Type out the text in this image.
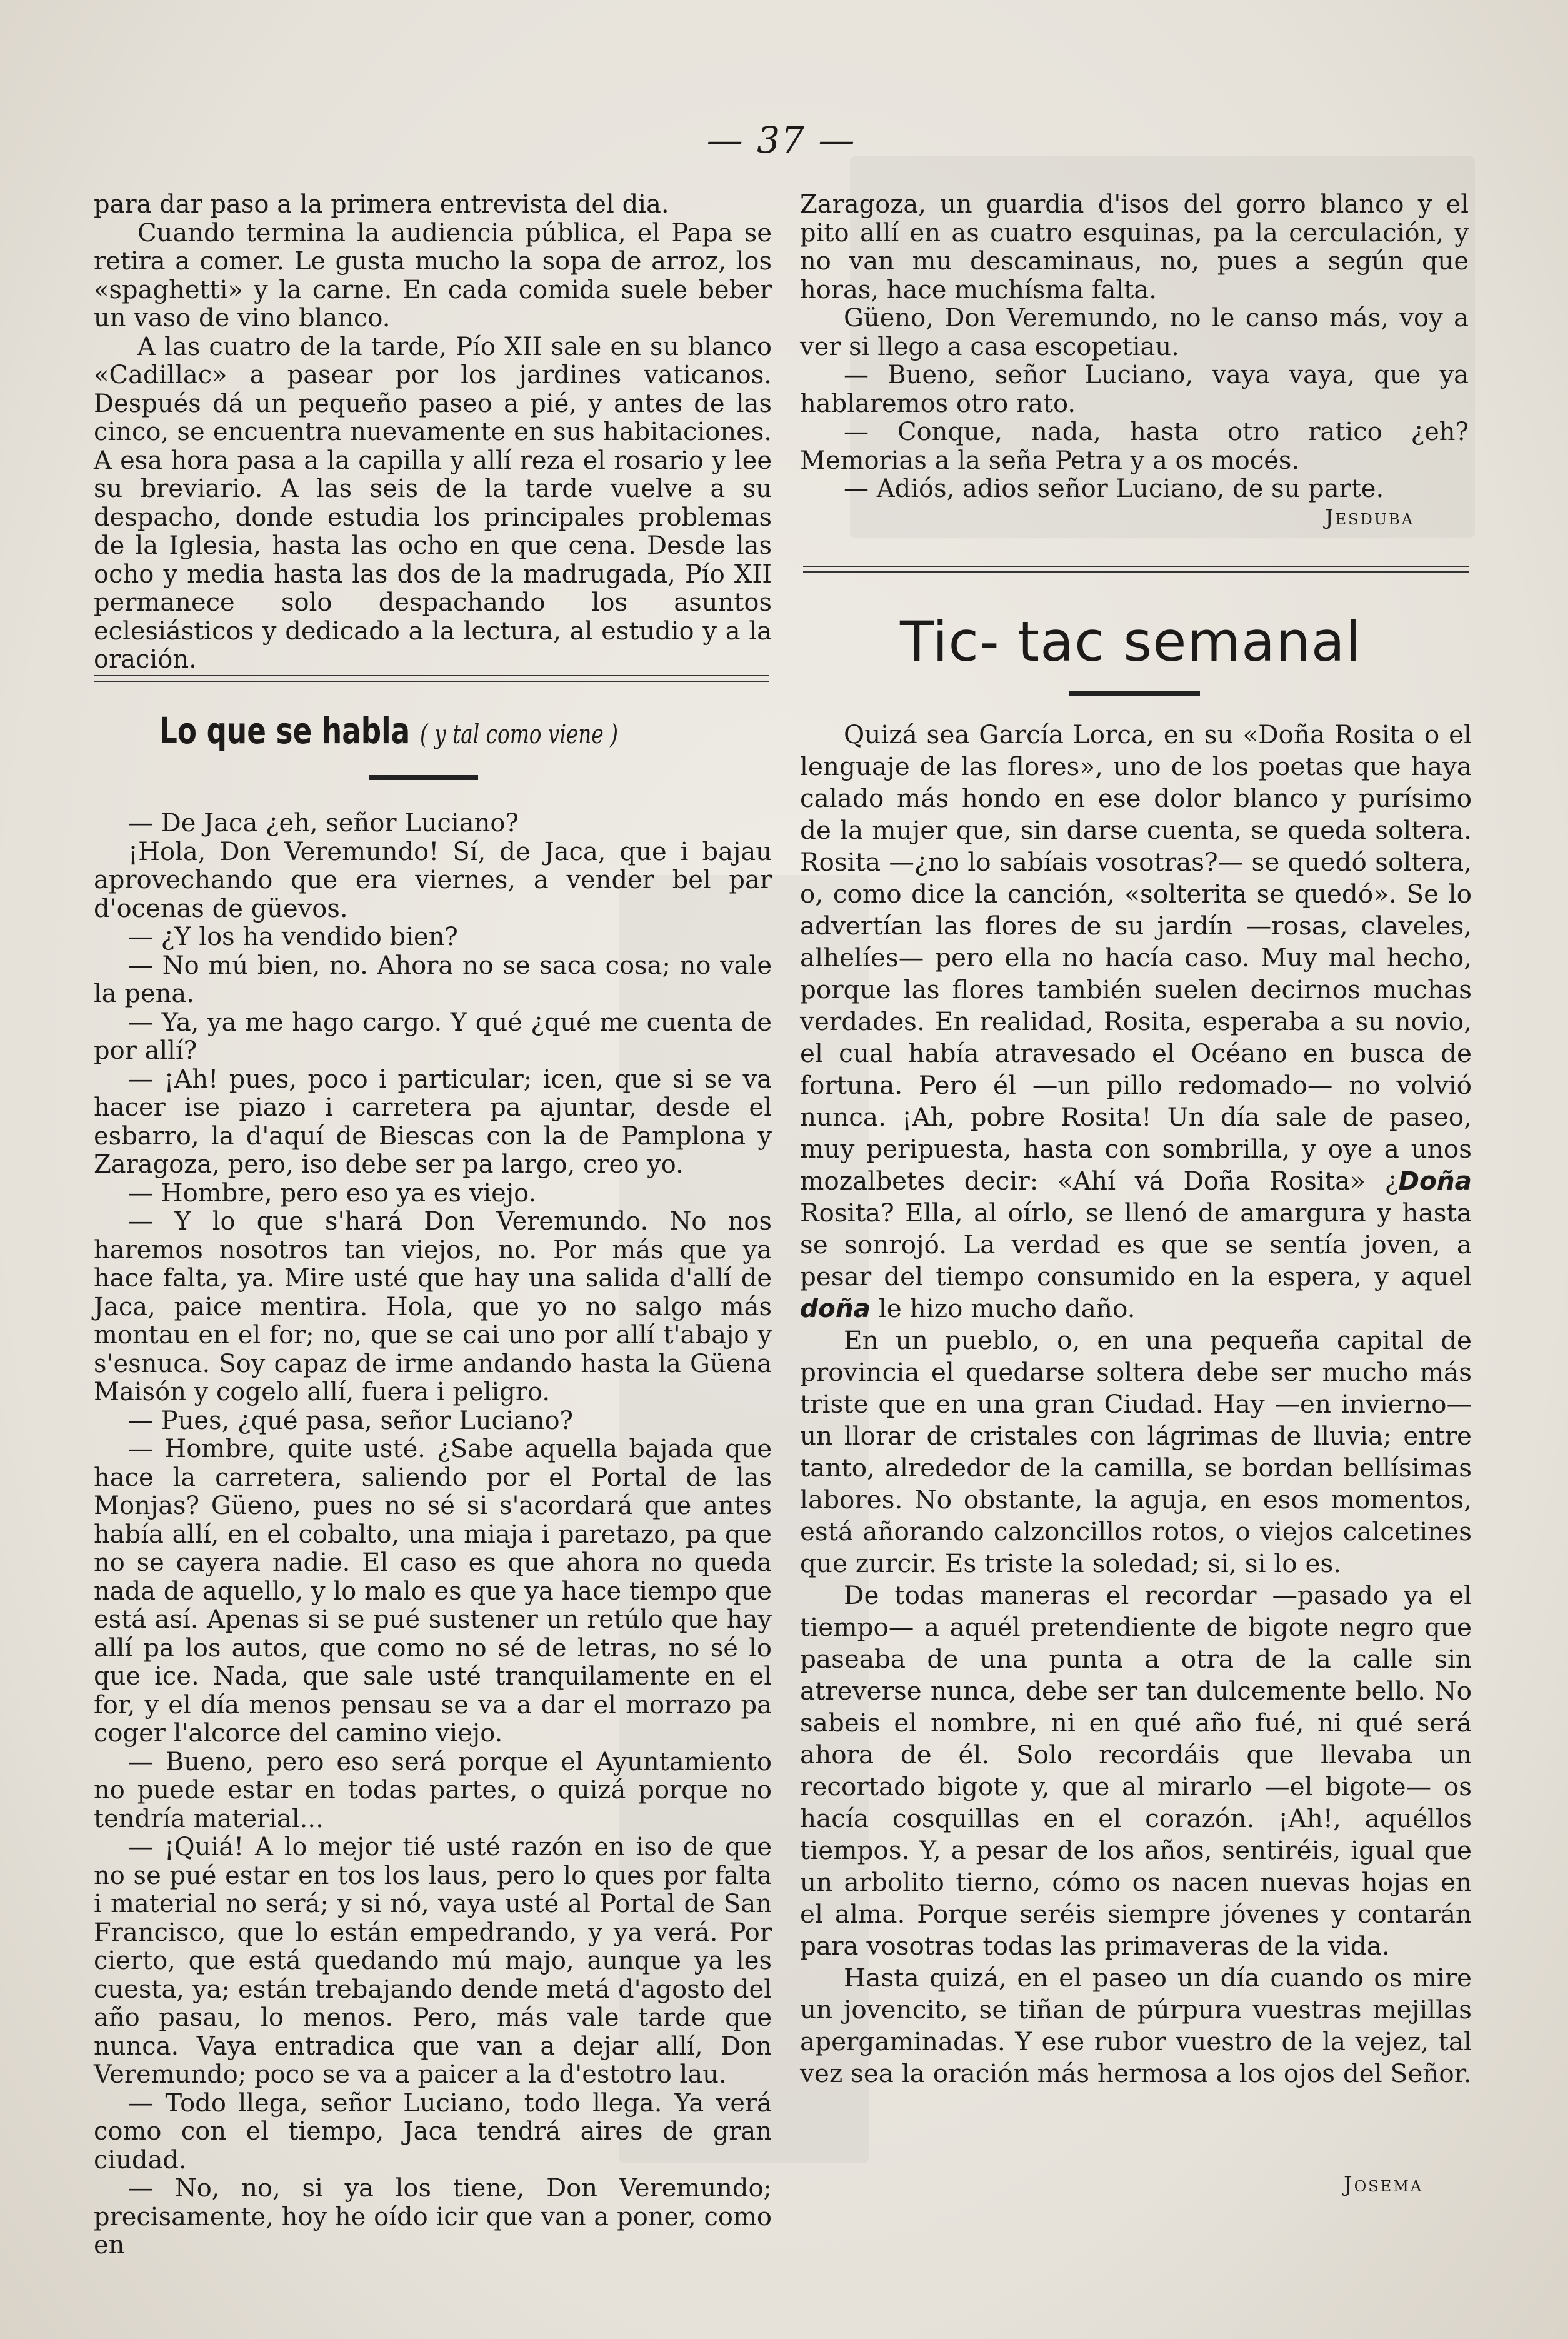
— 37 —

para dar paso a la primera entrevista del dia.

Cuando termina la audiencia pública, el Papa se retira a comer. Le gusta mucho la sopa de arroz, los «spaghetti» y la carne. En cada comida suele beber un vaso de vino blanco.

A las cuatro de la tarde, Pío XII sale en su blanco «Cadillac» a pasear por los jardines vaticanos. Después dá un pequeño paseo a pié, y antes de las cinco, se encuentra nuevamente en sus habitaciones. A esa hora pasa a la capilla y allí reza el rosario y lee su breviario. A las seis de la tarde vuelve a su despacho, donde estudia los principales problemas de la Iglesia, hasta las ocho en que cena. Desde las ocho y media hasta las dos de la madrugada, Pío XII permanece solo despachando los asuntos eclesiásticos y dedicado a la lectura, al estudio y a la oración.

Lo que se habla ( y tal como viene )

— De Jaca ¿eh, señor Luciano?

¡Hola, Don Veremundo! Sí, de Jaca, que i bajau aprovechando que era viernes, a vender bel par d'ocenas de güevos.

— ¿Y los ha vendido bien?

— No mú bien, no. Ahora no se saca cosa; no vale la pena.

— Ya, ya me hago cargo. Y qué ¿qué me cuenta de por allí?

— ¡Ah! pues, poco i particular; icen, que si se va hacer ise piazo i carretera pa ajuntar, desde el esbarro, la d'aquí de Biescas con la de Pamplona y Zaragoza, pero, iso debe ser pa largo, creo yo.

— Hombre, pero eso ya es viejo.

— Y lo que s'hará Don Veremundo. No nos haremos nosotros tan viejos, no. Por más que ya hace falta, ya. Mire usté que hay una salida d'allí de Jaca, paice mentira. Hola, que yo no salgo más montau en el for; no, que se cai uno por allí t'abajo y s'esnuca. Soy capaz de irme andando hasta la Güena Maisón y cogelo allí, fuera i peligro.

— Pues, ¿qué pasa, señor Luciano?

— Hombre, quite usté. ¿Sabe aquella bajada que hace la carretera, saliendo por el Portal de las Monjas? Güeno, pues no sé si s'acordará que antes había allí, en el cobalto, una miaja i paretazo, pa que no se cayera nadie. El caso es que ahora no queda nada de aquello, y lo malo es que ya hace tiempo que está así. Apenas si se pué sustener un retúlo que hay allí pa los autos, que como no sé de letras, no sé lo que ice. Nada, que sale usté tranquilamente en el for, y el día menos pensau se va a dar el morrazo pa coger l'alcorce del camino viejo.

— Bueno, pero eso será porque el Ayuntamiento no puede estar en todas partes, o quizá porque no tendría material...

— ¡Quiá! A lo mejor tié usté razón en iso de que no se pué estar en tos los laus, pero lo ques por falta i material no será; y si nó, vaya usté al Portal de San Francisco, que lo están empedrando, y ya verá. Por cierto, que está quedando mú majo, aunque ya les cuesta, ya; están trebajando dende metá d'agosto del año pasau, lo menos. Pero, más vale tarde que nunca. Vaya entradica que van a dejar allí, Don Veremundo; poco se va a paicer a la d'estotro lau.

— Todo llega, señor Luciano, todo llega. Ya verá como con el tiempo, Jaca tendrá aires de gran ciudad.

— No, no, si ya los tiene, Don Veremundo; precisamente, hoy he oído icir que van a poner, como en

Zaragoza, un guardia d'isos del gorro blanco y el pito allí en as cuatro esquinas, pa la cerculación, y no van mu descaminaus, no, pues a según que horas, hace muchísma falta.

Güeno, Don Veremundo, no le canso más, voy a ver si llego a casa escopetiau.

— Bueno, señor Luciano, vaya vaya, que ya hablaremos otro rato.

— Conque, nada, hasta otro ratico ¿eh? Memorias a la seña Petra y a os mocés.

— Adiós, adios señor Luciano, de su parte.

Jesduba
Tic- tac semanal

Quizá sea García Lorca, en su «Doña Rosita o el lenguaje de las flores», uno de los poetas que haya calado más hondo en ese dolor blanco y purísimo de la mujer que, sin darse cuenta, se queda soltera. Rosita —¿no lo sabíais vosotras?— se quedó soltera, o, como dice la canción, «solterita se quedó». Se lo advertían las flores de su jardín —rosas, claveles, alhelíes— pero ella no hacía caso. Muy mal hecho, porque las flores también suelen decirnos muchas verdades. En realidad, Rosita, esperaba a su novio, el cual había atravesado el Océano en busca de fortuna. Pero él —un pillo redomado— no volvió nunca. ¡Ah, pobre Rosita! Un día sale de paseo, muy peripuesta, hasta con sombrilla, y oye a unos mozalbetes decir: «Ahí vá Doña Rosita» ¿Doña Rosita? Ella, al oírlo, se llenó de amargura y hasta se sonrojó. La verdad es que se sentía joven, a pesar del tiempo consumido en la espera, y aquel doña le hizo mucho daño.

En un pueblo, o, en una pequeña capital de provincia el quedarse soltera debe ser mucho más triste que en una gran Ciudad. Hay —en invierno— un llorar de cristales con lágrimas de lluvia; entre tanto, alrededor de la camilla, se bordan bellísimas labores. No obstante, la aguja, en esos momentos, está añorando calzoncillos rotos, o viejos calcetines que zurcir. Es triste la soledad; si, si lo es.

De todas maneras el recordar —pasado ya el tiempo— a aquél pretendiente de bigote negro que paseaba de una punta a otra de la calle sin atreverse nunca, debe ser tan dulcemente bello. No sabeis el nombre, ni en qué año fué, ni qué será ahora de él. Solo recordáis que llevaba un recortado bigote y, que al mirarlo —el bigote— os hacía cosquillas en el corazón. ¡Ah!, aquéllos tiempos. Y, a pesar de los años, sentiréis, igual que un arbolito tierno, cómo os nacen nuevas hojas en el alma. Porque seréis siempre jóvenes y contarán para vosotras todas las primaveras de la vida.

Hasta quizá, en el paseo un día cuando os mire un jovencito, se tiñan de púrpura vuestras mejillas apergaminadas. Y ese rubor vuestro de la vejez, tal vez sea la oración más hermosa a los ojos del Señor.

Josema
